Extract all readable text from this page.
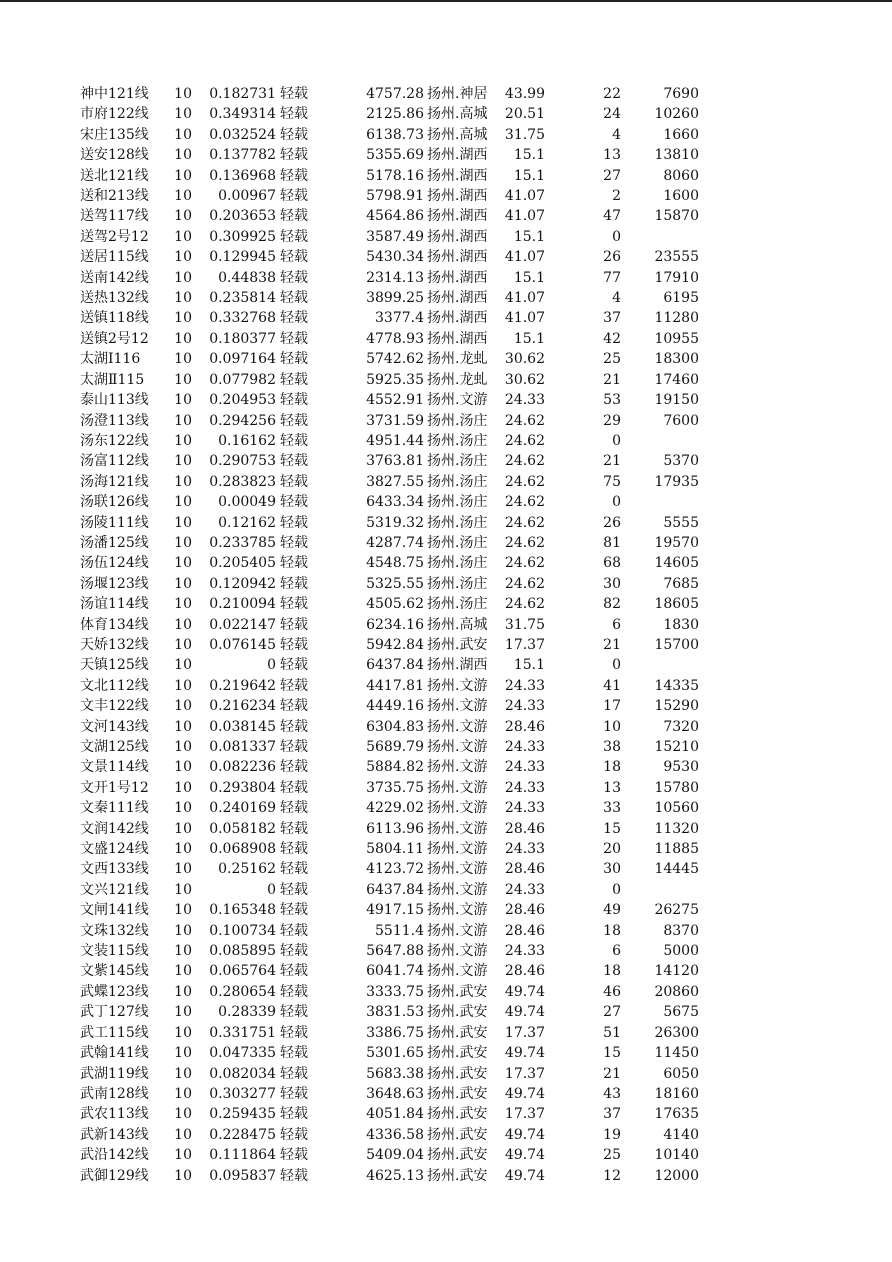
神中121线	10	0.182731	轻载	4757.28	扬州.神居	43.99	22	7690
市府122线	10	0.349314	轻载	2125.86	扬州.高城	20.51	24	10260
宋庄135线	10	0.032524	轻载	6138.73	扬州.高城	31.75	4	1660
送安128线	10	0.137782	轻载	5355.69	扬州.湖西	15.1	13	13810
送北121线	10	0.136968	轻载	5178.16	扬州.湖西	15.1	27	8060
送和213线	10	0.00967	轻载	5798.91	扬州.湖西	41.07	2	1600
送驾117线	10	0.203653	轻载	4564.86	扬州.湖西	41.07	47	15870
送驾2号12	10	0.309925	轻载	3587.49	扬州.湖西	15.1	0	
送居115线	10	0.129945	轻载	5430.34	扬州.湖西	41.07	26	23555
送南142线	10	0.44838	轻载	2314.13	扬州.湖西	15.1	77	17910
送热132线	10	0.235814	轻载	3899.25	扬州.湖西	41.07	4	6195
送镇118线	10	0.332768	轻载	3377.4	扬州.湖西	41.07	37	11280
送镇2号12	10	0.180377	轻载	4778.93	扬州.湖西	15.1	42	10955
太湖Ⅰ116	10	0.097164	轻载	5742.62	扬州.龙虬	30.62	25	18300
太湖Ⅱ115	10	0.077982	轻载	5925.35	扬州.龙虬	30.62	21	17460
泰山113线	10	0.204953	轻载	4552.91	扬州.文游	24.33	53	19150
汤澄113线	10	0.294256	轻载	3731.59	扬州.汤庄	24.62	29	7600
汤东122线	10	0.16162	轻载	4951.44	扬州.汤庄	24.62	0	
汤富112线	10	0.290753	轻载	3763.81	扬州.汤庄	24.62	21	5370
汤海121线	10	0.283823	轻载	3827.55	扬州.汤庄	24.62	75	17935
汤联126线	10	0.00049	轻载	6433.34	扬州.汤庄	24.62	0	
汤陵111线	10	0.12162	轻载	5319.32	扬州.汤庄	24.62	26	5555
汤潘125线	10	0.233785	轻载	4287.74	扬州.汤庄	24.62	81	19570
汤伍124线	10	0.205405	轻载	4548.75	扬州.汤庄	24.62	68	14605
汤堰123线	10	0.120942	轻载	5325.55	扬州.汤庄	24.62	30	7685
汤谊114线	10	0.210094	轻载	4505.62	扬州.汤庄	24.62	82	18605
体育134线	10	0.022147	轻载	6234.16	扬州.高城	31.75	6	1830
天娇132线	10	0.076145	轻载	5942.84	扬州.武安	17.37	21	15700
天镇125线	10	0	轻载	6437.84	扬州.湖西	15.1	0	
文北112线	10	0.219642	轻载	4417.81	扬州.文游	24.33	41	14335
文丰122线	10	0.216234	轻载	4449.16	扬州.文游	24.33	17	15290
文河143线	10	0.038145	轻载	6304.83	扬州.文游	28.46	10	7320
文湖125线	10	0.081337	轻载	5689.79	扬州.文游	24.33	38	15210
文景114线	10	0.082236	轻载	5884.82	扬州.文游	24.33	18	9530
文开1号12	10	0.293804	轻载	3735.75	扬州.文游	24.33	13	15780
文秦111线	10	0.240169	轻载	4229.02	扬州.文游	24.33	33	10560
文润142线	10	0.058182	轻载	6113.96	扬州.文游	28.46	15	11320
文盛124线	10	0.068908	轻载	5804.11	扬州.文游	24.33	20	11885
文西133线	10	0.25162	轻载	4123.72	扬州.文游	28.46	30	14445
文兴121线	10	0	轻载	6437.84	扬州.文游	24.33	0	
文闸141线	10	0.165348	轻载	4917.15	扬州.文游	28.46	49	26275
文珠132线	10	0.100734	轻载	5511.4	扬州.文游	28.46	18	8370
文装115线	10	0.085895	轻载	5647.88	扬州.文游	24.33	6	5000
文紫145线	10	0.065764	轻载	6041.74	扬州.文游	28.46	18	14120
武蝶123线	10	0.280654	轻载	3333.75	扬州.武安	49.74	46	20860
武丁127线	10	0.28339	轻载	3831.53	扬州.武安	49.74	27	5675
武工115线	10	0.331751	轻载	3386.75	扬州.武安	17.37	51	26300
武翰141线	10	0.047335	轻载	5301.65	扬州.武安	49.74	15	11450
武湖119线	10	0.082034	轻载	5683.38	扬州.武安	17.37	21	6050
武南128线	10	0.303277	轻载	3648.63	扬州.武安	49.74	43	18160
武农113线	10	0.259435	轻载	4051.84	扬州.武安	17.37	37	17635
武新143线	10	0.228475	轻载	4336.58	扬州.武安	49.74	19	4140
武沿142线	10	0.111864	轻载	5409.04	扬州.武安	49.74	25	10140
武御129线	10	0.095837	轻载	4625.13	扬州.武安	49.74	12	12000
